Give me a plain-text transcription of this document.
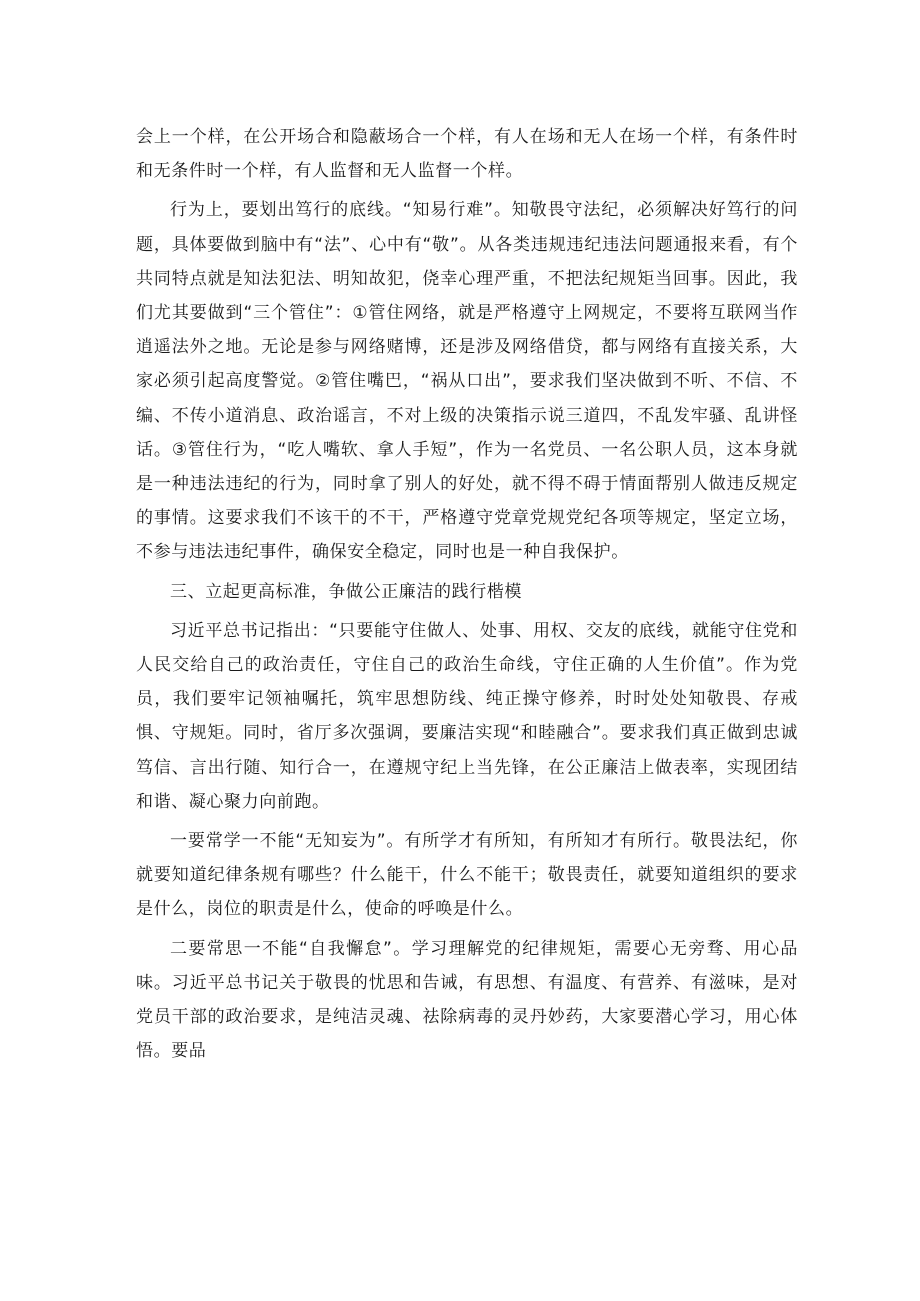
会上一个样，在公开场合和隐蔽场合一个样，有人在场和无人在场一个样，有条件时和无条件时一个样，有人监督和无人监督一个样。

行为上，要划出笃行的底线。“知易行难”。知敬畏守法纪，必须解决好笃行的问题，具体要做到脑中有“法”、心中有“敬”。从各类违规违纪违法问题通报来看，有个共同特点就是知法犯法、明知故犯，侥幸心理严重，不把法纪规矩当回事。因此，我们尤其要做到“三个管住”：①管住网络，就是严格遵守上网规定，不要将互联网当作逍遥法外之地。无论是参与网络赌博，还是涉及网络借贷，都与网络有直接关系，大家必须引起高度警觉。②管住嘴巴，“祸从口出”，要求我们坚决做到不听、不信、不编、不传小道消息、政治谣言，不对上级的决策指示说三道四，不乱发牢骚、乱讲怪话。③管住行为，“吃人嘴软、拿人手短”，作为一名党员、一名公职人员，这本身就是一种违法违纪的行为，同时拿了别人的好处，就不得不碍于情面帮别人做违反规定的事情。这要求我们不该干的不干，严格遵守党章党规党纪各项等规定，坚定立场，不参与违法违纪事件，确保安全稳定，同时也是一种自我保护。

三、立起更高标准，争做公正廉洁的践行楷模

习近平总书记指出：“只要能守住做人、处事、用权、交友的底线，就能守住党和人民交给自己的政治责任，守住自己的政治生命线，守住正确的人生价值”。作为党员，我们要牢记领袖嘱托，筑牢思想防线、纯正操守修养，时时处处知敬畏、存戒惧、守规矩。同时，省厅多次强调，要廉洁实现“和睦融合”。要求我们真正做到忠诚笃信、言出行随、知行合一，在遵规守纪上当先锋，在公正廉洁上做表率，实现团结和谐、凝心聚力向前跑。

一要常学一不能“无知妄为”。有所学才有所知，有所知才有所行。敬畏法纪，你就要知道纪律条规有哪些？什么能干，什么不能干；敬畏责任，就要知道组织的要求是什么，岗位的职责是什么，使命的呼唤是什么。

二要常思一不能“自我懈怠”。学习理解党的纪律规矩，需要心无旁骛、用心品味。习近平总书记关于敬畏的忧思和告诫，有思想、有温度、有营养、有滋味，是对党员干部的政治要求，是纯洁灵魂、祛除病毒的灵丹妙药，大家要潜心学习，用心体悟。要品
